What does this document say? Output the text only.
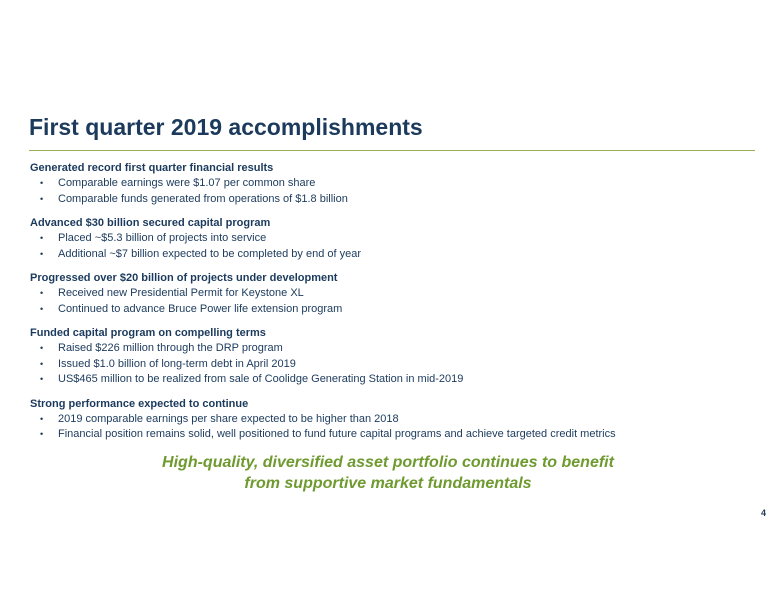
First quarter 2019 accomplishments
Generated record first quarter financial results
•	Comparable earnings were $1.07 per common share
•	Comparable funds generated from operations of $1.8 billion
Advanced $30 billion secured capital program
•	Placed ~$5.3 billion of projects into service
•	Additional ~$7 billion expected to be completed by end of year
Progressed over $20 billion of projects under development
•	Received new Presidential Permit for Keystone XL
•	Continued to advance Bruce Power life extension program
Funded capital program on compelling terms
•	Raised $226 million through the DRP program
•	Issued $1.0 billion of long-term debt in April 2019
•	US$465 million to be realized from sale of Coolidge Generating Station in mid-2019
Strong performance expected to continue
•	2019 comparable earnings per share expected to be higher than 2018
•	Financial position remains solid, well positioned to fund future capital programs and achieve targeted credit metrics
High-quality, diversified asset portfolio continues to benefit
from supportive market fundamentals
4
